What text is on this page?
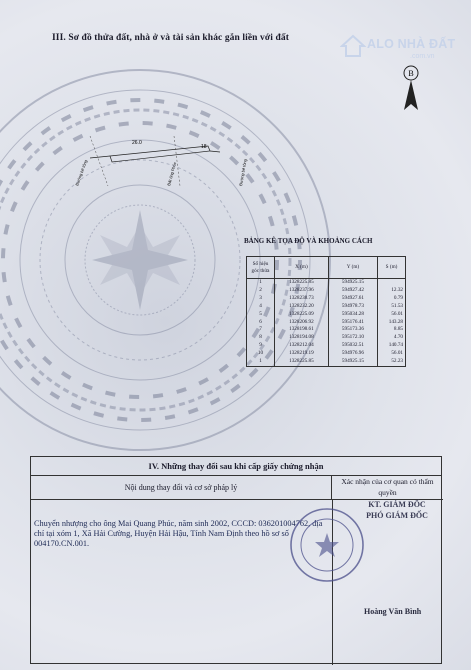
III. Sơ đồ thửa đất, nhà ở và tài sản khác gắn liền với đất	ALO NHÀ ĐẤT
.com.vn
B
26.0
18
Đường bê tông	Đất ông Phúc	Đường bê tông
BẢNG KÊ TỌA ĐỘ VÀ KHOẢNG CÁCH
Số hiệu góc thửa	X (m)	Y (m)	S (m)
1	1328225.85	594925.15	
2	1328237.96	594927.42	12.32
3	1328238.73	594927.61	0.79
4	1328232.20	594978.73	51.53
5	1328225.09	595034.28	56.01
6	1328206.92	595176.41	143.28
7	1328198.61	595173.36	8.85
8	1328194.08	595172.10	4.70
9	1328212.04	595032.51	140.74
10	1328219.19	594976.96	56.01
1	1328225.85	594925.15	52.23
IV. Những thay đổi sau khi cấp giấy chứng nhận
Nội dung thay đổi và cơ sở pháp lý
Xác nhận của cơ quan có thẩm quyền
Chuyển nhượng cho ông Mai Quang Phúc, năm sinh 2002, CCCD: 036201004762, địa chỉ tại xóm 1, Xã Hải Cường, Huyện Hải Hậu, Tỉnh Nam Định theo hồ sơ số 004170.CN.001.
KT. GIÁM ĐỐC
PHÓ GIÁM ĐỐC
Hoàng Văn Bình
